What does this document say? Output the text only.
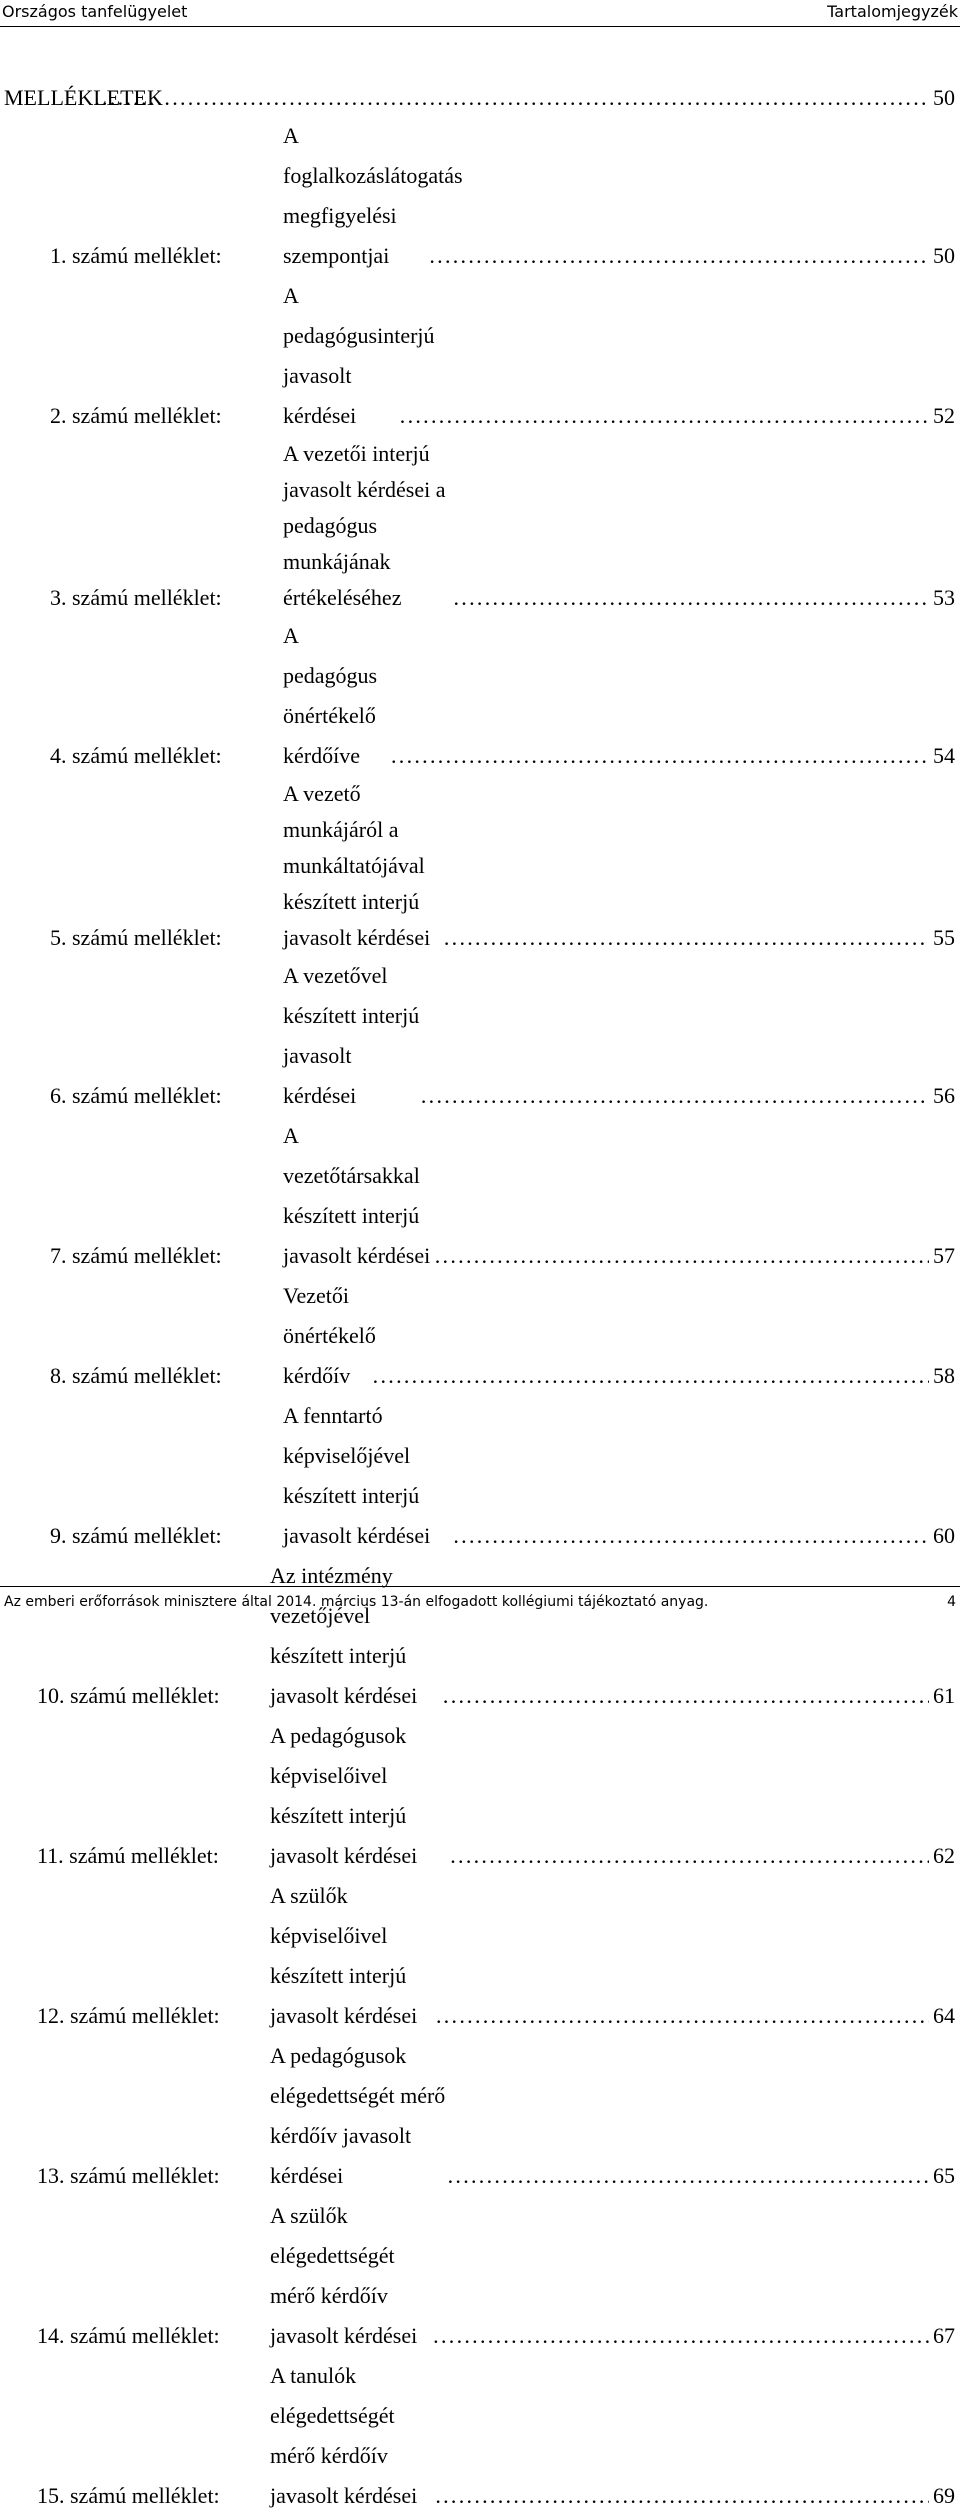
Országos tanfelügyelet	Tartalomjegyzék
MELLÉKLETEK . . .	50
1. számú melléklet:
A foglalkozáslátogatás megfigyelési szempontjai . . .	50
2. számú melléklet:
A pedagógusinterjú javasolt kérdései . . .	52
3. számú melléklet:
A vezetői interjú javasolt kérdései a pedagógus munkájának
értékeléséhez . . .	53
4. számú melléklet:
A pedagógus önértékelő kérdőíve . . .	54
5. számú melléklet:
A vezető munkájáról a munkáltatójával készített interjú
javasolt kérdései . . .	55
6. számú melléklet:
A vezetővel készített interjú javasolt kérdései . . .	56
7. számú melléklet:
A vezetőtársakkal készített interjú javasolt kérdései . . .	57
8. számú melléklet:
Vezetői önértékelő kérdőív . . .	58
9. számú melléklet:
A fenntartó képviselőjével készített interjú javasolt kérdései . . .	60
10. számú melléklet:
Az intézmény vezetőjével készített interjú javasolt kérdései . . .	61
11. számú melléklet:
A pedagógusok képviselőivel készített interjú javasolt kérdései . . .	62
12. számú melléklet:
A szülők képviselőivel készített interjú javasolt kérdései . . .	64
13. számú melléklet:
A pedagógusok elégedettségét mérő kérdőív javasolt kérdései . . .	65
14. számú melléklet:
A szülők elégedettségét mérő kérdőív javasolt kérdései . . .	67
15. számú melléklet:
A tanulók elégedettségét mérő kérdőív javasolt kérdései . . .	69
Az emberi erőforrások minisztere által 2014. március 13-án elfogadott kollégiumi tájékoztató anyag.	4
